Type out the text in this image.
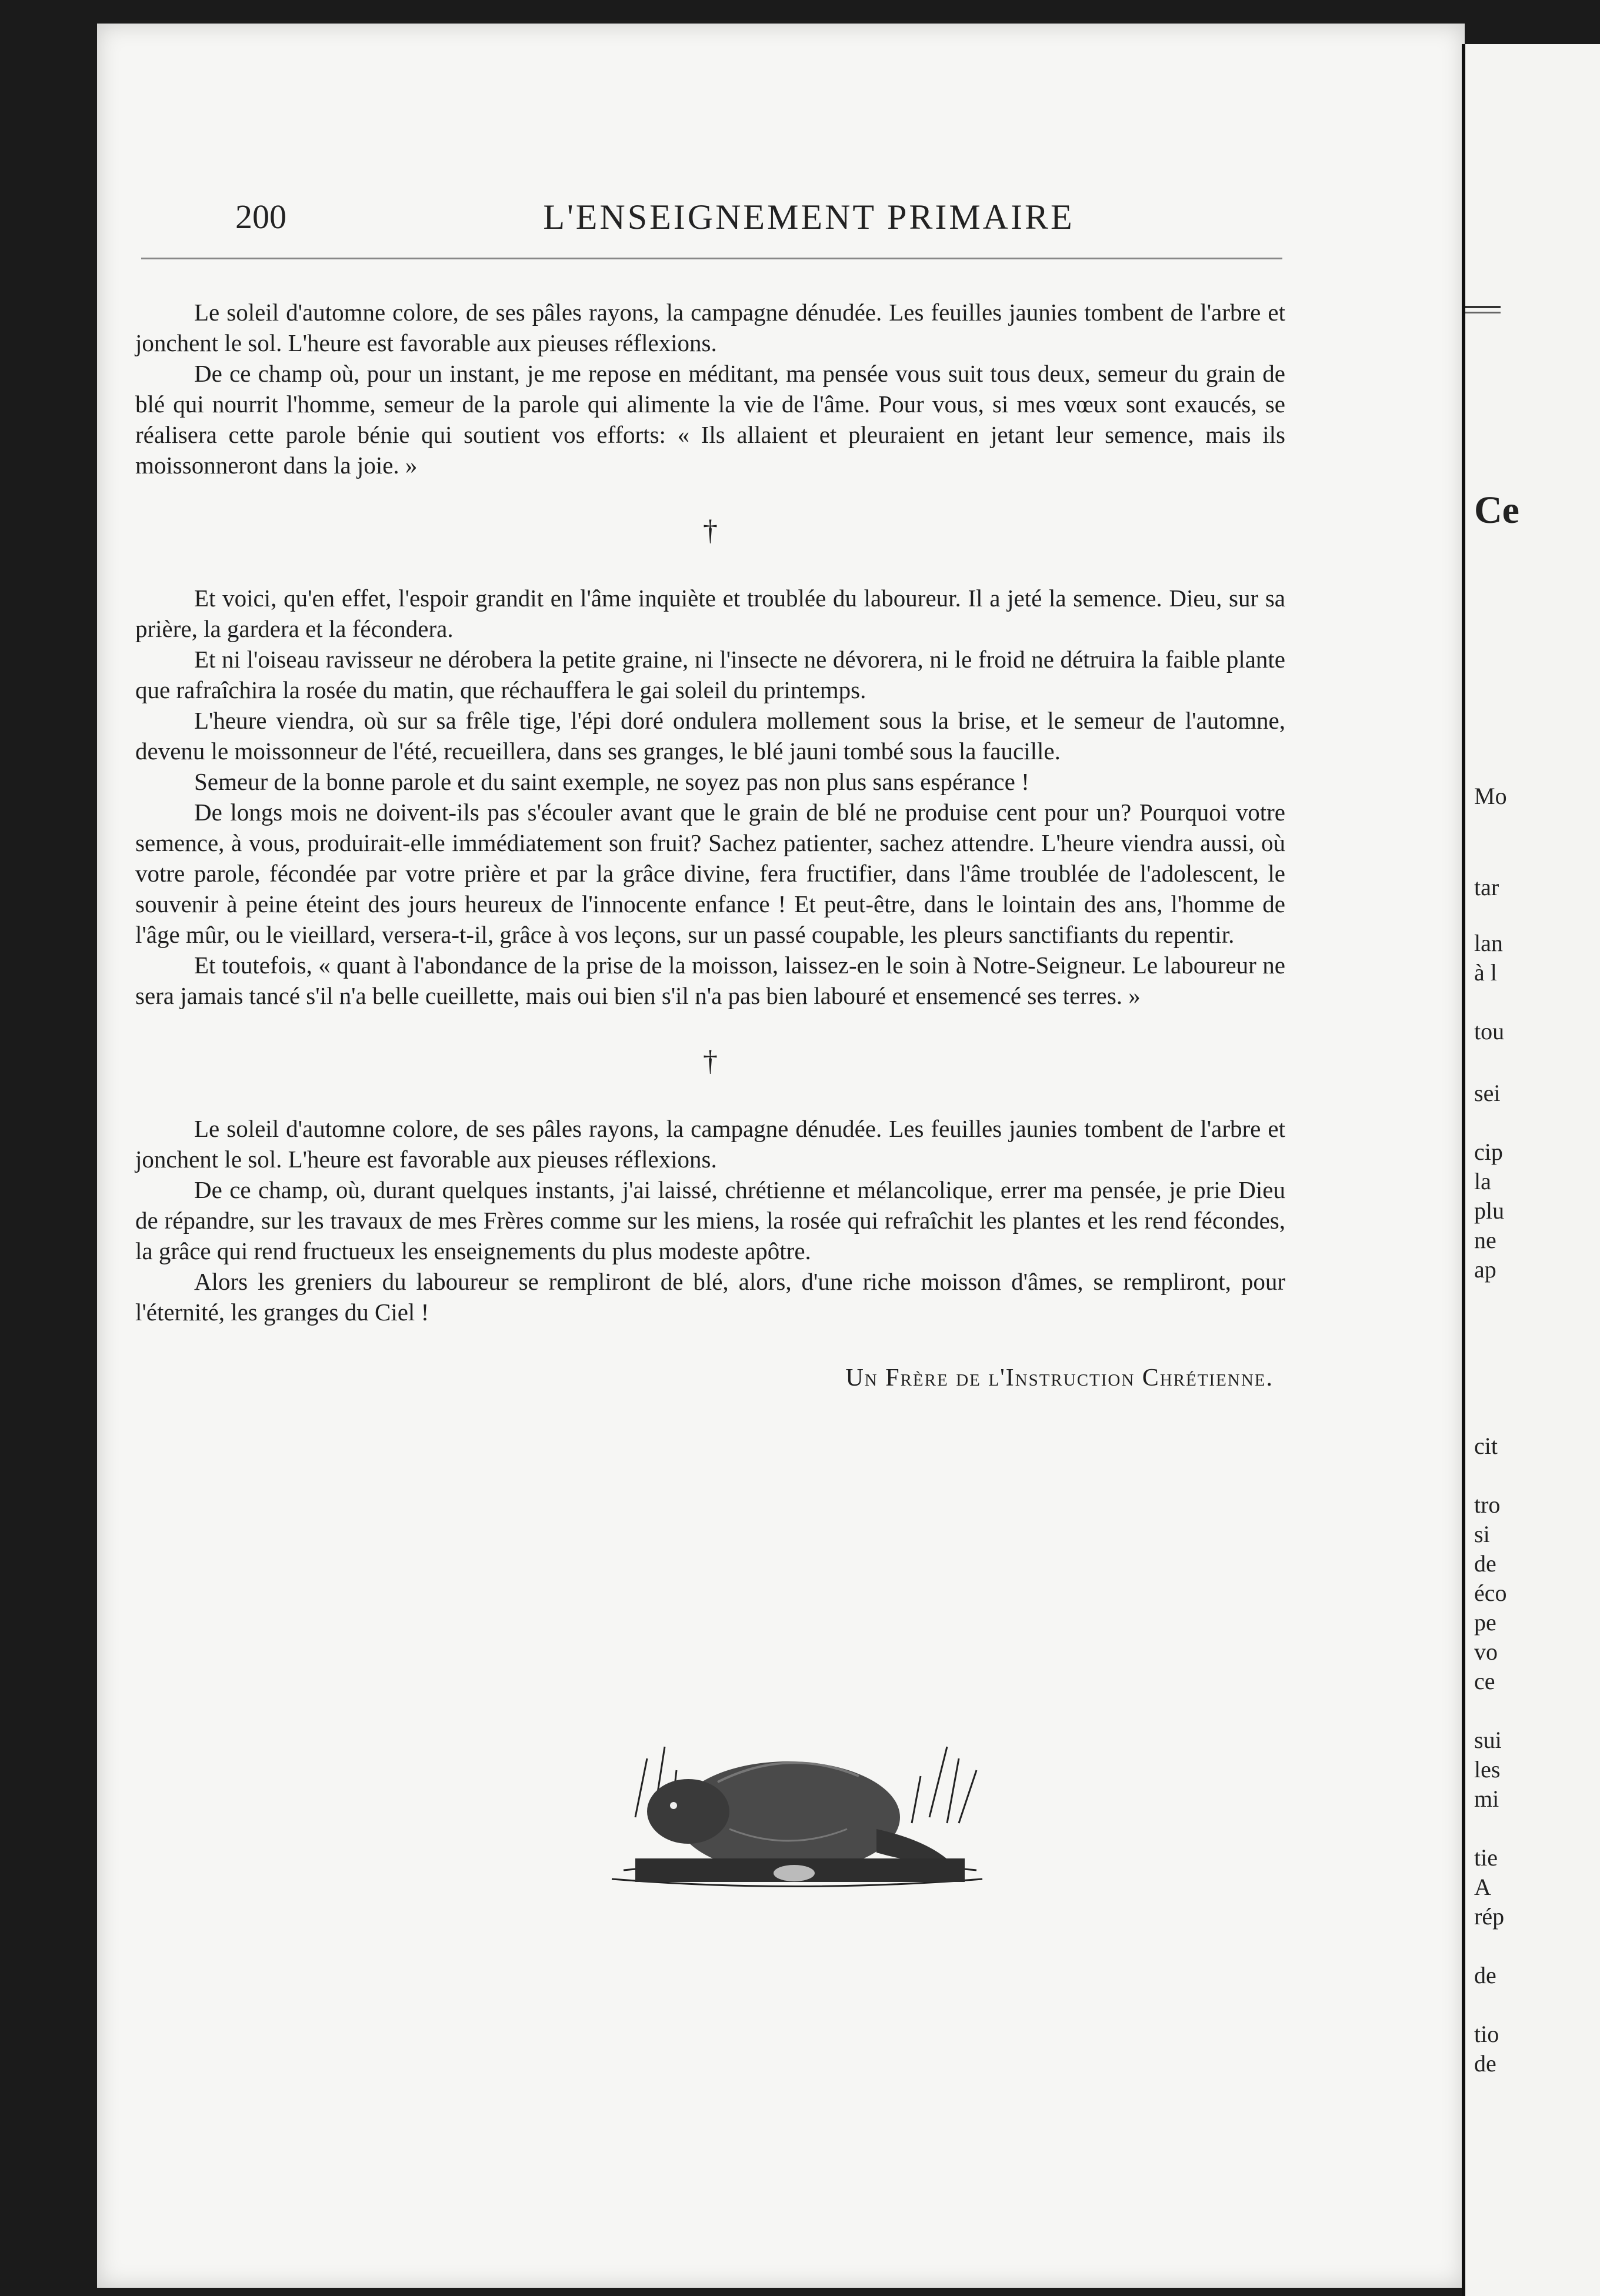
200	L'ENSEIGNEMENT PRIMAIRE

Le soleil d'automne colore, de ses pâles rayons, la campagne dénudée. Les feuilles jaunies tombent de l'arbre et jonchent le sol. L'heure est favorable aux pieuses réflexions.

De ce champ où, pour un instant, je me repose en méditant, ma pensée vous suit tous deux, semeur du grain de blé qui nourrit l'homme, semeur de la parole qui alimente la vie de l'âme. Pour vous, si mes vœux sont exaucés, se réalisera cette parole bénie qui soutient vos efforts: « Ils allaient et pleuraient en jetant leur semence, mais ils moissonneront dans la joie. »

†

Et voici, qu'en effet, l'espoir grandit en l'âme inquiète et troublée du laboureur. Il a jeté la semence. Dieu, sur sa prière, la gardera et la fécondera.

Et ni l'oiseau ravisseur ne dérobera la petite graine, ni l'insecte ne dévorera, ni le froid ne détruira la faible plante que rafraîchira la rosée du matin, que réchauffera le gai soleil du printemps.

L'heure viendra, où sur sa frêle tige, l'épi doré ondulera mollement sous la brise, et le semeur de l'automne, devenu le moissonneur de l'été, recueillera, dans ses granges, le blé jauni tombé sous la faucille.

Semeur de la bonne parole et du saint exemple, ne soyez pas non plus sans espérance !

De longs mois ne doivent-ils pas s'écouler avant que le grain de blé ne produise cent pour un? Pourquoi votre semence, à vous, produirait-elle immédiatement son fruit? Sachez patienter, sachez attendre. L'heure viendra aussi, où votre parole, fécondée par votre prière et par la grâce divine, fera fructifier, dans l'âme troublée de l'adolescent, le souvenir à peine éteint des jours heureux de l'innocente enfance ! Et peut-être, dans le lointain des ans, l'homme de l'âge mûr, ou le vieillard, versera-t-il, grâce à vos leçons, sur un passé coupable, les pleurs sanctifiants du repentir.

Et toutefois, « quant à l'abondance de la prise de la moisson, laissez-en le soin à Notre-Seigneur. Le laboureur ne sera jamais tancé s'il n'a belle cueillette, mais oui bien s'il n'a pas bien labouré et ensemencé ses terres. »

†

Le soleil d'automne colore, de ses pâles rayons, la campagne dénudée. Les feuilles jaunies tombent de l'arbre et jonchent le sol. L'heure est favorable aux pieuses réflexions.

De ce champ, où, durant quelques instants, j'ai laissé, chrétienne et mélancolique, errer ma pensée, je prie Dieu de répandre, sur les travaux de mes Frères comme sur les miens, la rosée qui refraîchit les plantes et les rend fécondes, la grâce qui rend fructueux les enseignements du plus modeste apôtre.

Alors les greniers du laboureur se rempliront de blé, alors, d'une riche moisson d'âmes, se rempliront, pour l'éternité, les granges du Ciel !

Un Frère de l'Instruction Chrétienne.
Ce
Mo
tar
lan
à l
tou
sei
cip
la
plu
ne
ap
cit
tro
si
de
éco
pe
vo
ce
sui
les
mi
tie
A
rép
de
tio
de
